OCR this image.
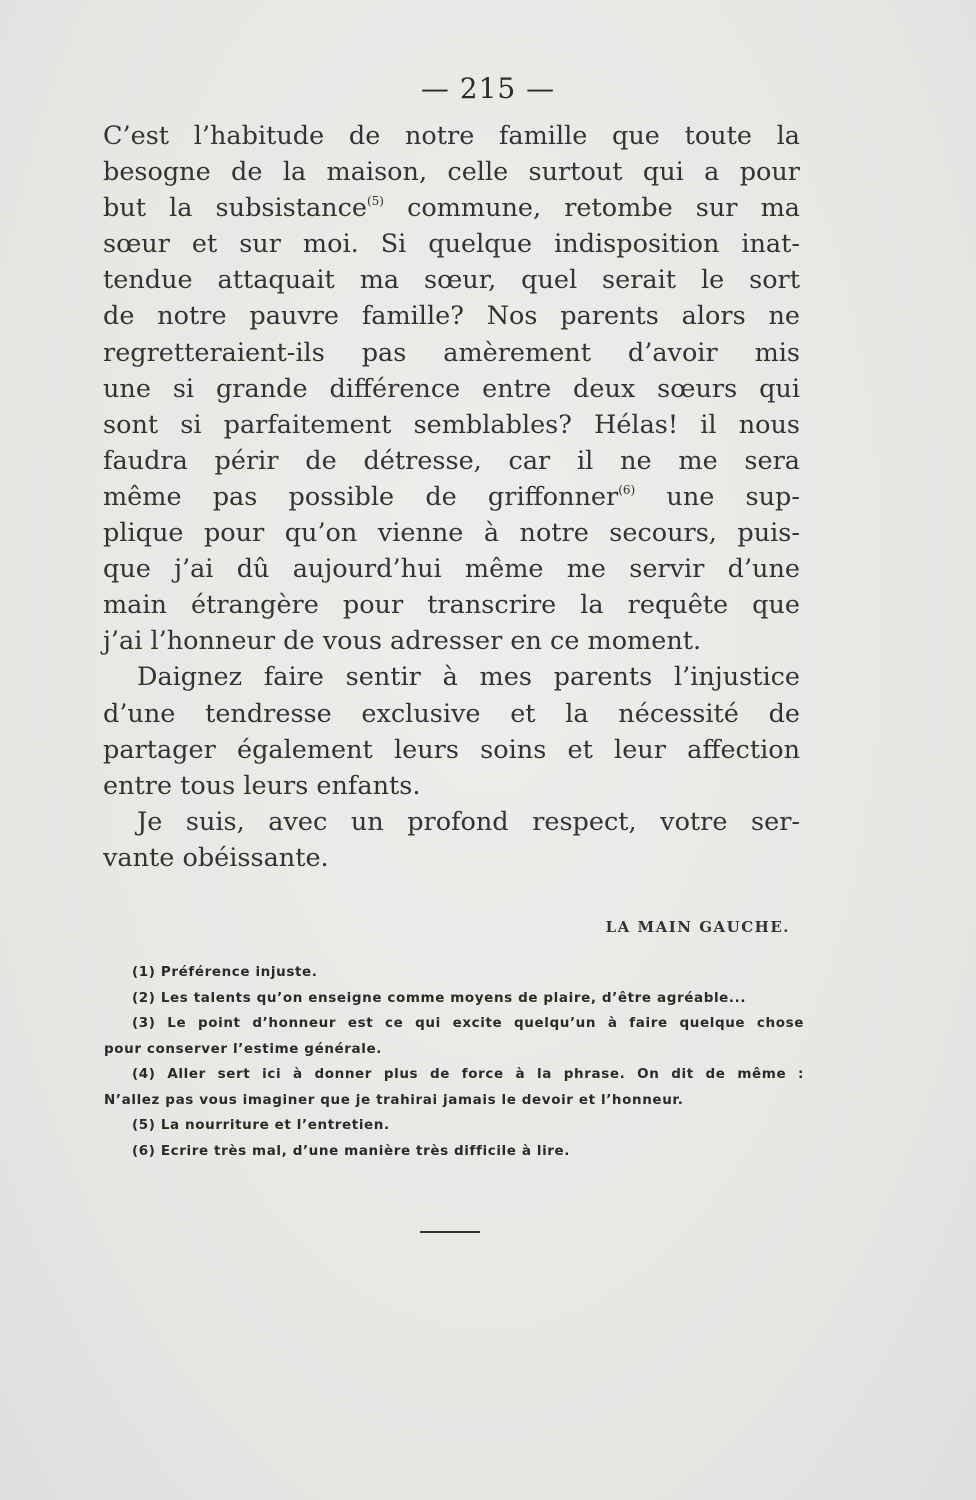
— 215 —
C’est l’habitude de notre famille que toute la
besogne de la maison, celle surtout qui a pour
but la subsistance$^{(5)}$ commune, retombe sur ma
sœur et sur moi. Si quelque indisposition inat-
tendue attaquait ma sœur, quel serait le sort
de notre pauvre famille? Nos parents alors ne
regretteraient-ils pas amèrement d’avoir mis
une si grande différence entre deux sœurs qui
sont si parfaitement semblables? Hélas! il nous
faudra périr de détresse, car il ne me sera
même pas possible de griffonner$^{(6)}$ une sup-
plique pour qu’on vienne à notre secours, puis-
que j’ai dû aujourd’hui même me servir d’une
main étrangère pour transcrire la requête que
j’ai l’honneur de vous adresser en ce moment.
Daignez faire sentir à mes parents l’injustice
d’une tendresse exclusive et la nécessité de
partager également leurs soins et leur affection
entre tous leurs enfants.
Je suis, avec un profond respect, votre ser-
vante obéissante.
LA MAIN GAUCHE.
(1) Préférence injuste.
(2) Les talents qu’on enseigne comme moyens de plaire, d’être agréable...
(3) Le point d’honneur est ce qui excite quelqu’un à faire quelque chose
pour conserver l’estime générale.
(4) Aller sert ici à donner plus de force à la phrase. On dit de même :
N’allez pas vous imaginer que je trahirai jamais le devoir et l’honneur.
(5) La nourriture et l’entretien.
(6) Ecrire très mal, d’une manière très difficile à lire.
